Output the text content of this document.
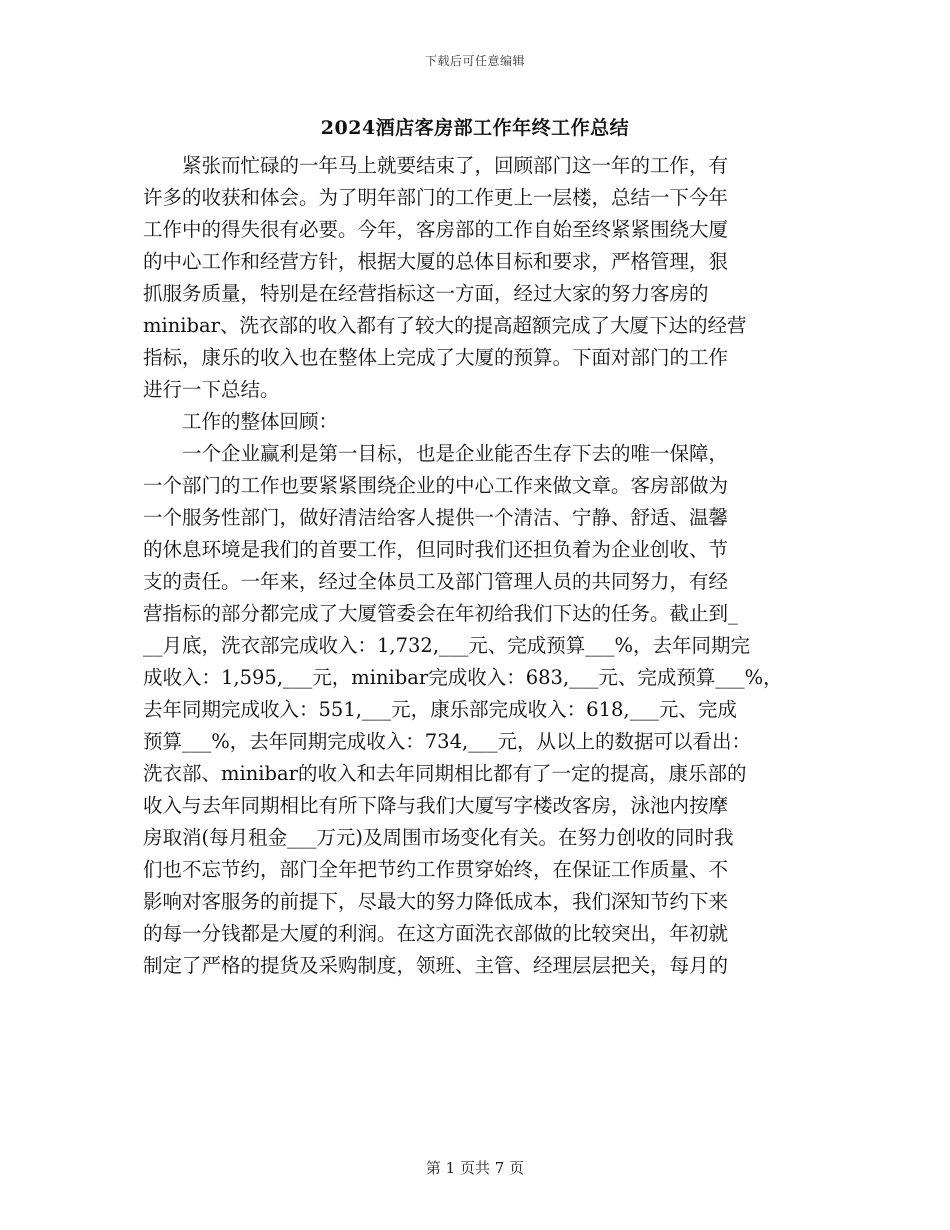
下载后可任意编辑
2024酒店客房部工作年终工作总结
　　紧张而忙碌的一年马上就要结束了，回顾部门这一年的工作，有
许多的收获和体会。为了明年部门的工作更上一层楼，总结一下今年
工作中的得失很有必要。今年，客房部的工作自始至终紧紧围绕大厦
的中心工作和经营方针，根据大厦的总体目标和要求，严格管理，狠
抓服务质量，特别是在经营指标这一方面，经过大家的努力客房的
minibar、洗衣部的收入都有了较大的提高超额完成了大厦下达的经营
指标，康乐的收入也在整体上完成了大厦的预算。下面对部门的工作
进行一下总结。
　　工作的整体回顾：
　　一个企业赢利是第一目标，也是企业能否生存下去的唯一保障，
一个部门的工作也要紧紧围绕企业的中心工作来做文章。客房部做为
一个服务性部门，做好清洁给客人提供一个清洁、宁静、舒适、温馨
的休息环境是我们的首要工作，但同时我们还担负着为企业创收、节
支的责任。一年来，经过全体员工及部门管理人员的共同努力，有经
营指标的部分都完成了大厦管委会在年初给我们下达的任务。截止到_
__月底，洗衣部完成收入：1,732,___元、完成预算___%，去年同期完
成收入：1,595,___元，minibar完成收入：683,___元、完成预算___%，
去年同期完成收入：551,___元，康乐部完成收入：618,___元、完成
预算___%，去年同期完成收入：734,___元，从以上的数据可以看出：
洗衣部、minibar的收入和去年同期相比都有了一定的提高，康乐部的
收入与去年同期相比有所下降与我们大厦写字楼改客房，泳池内按摩
房取消(每月租金___万元)及周围市场变化有关。在努力创收的同时我
们也不忘节约，部门全年把节约工作贯穿始终，在保证工作质量、不
影响对客服务的前提下，尽最大的努力降低成本，我们深知节约下来
的每一分钱都是大厦的利润。在这方面洗衣部做的比较突出，年初就
制定了严格的提货及采购制度，领班、主管、经理层层把关，每月的
第 1 页共 7 页
